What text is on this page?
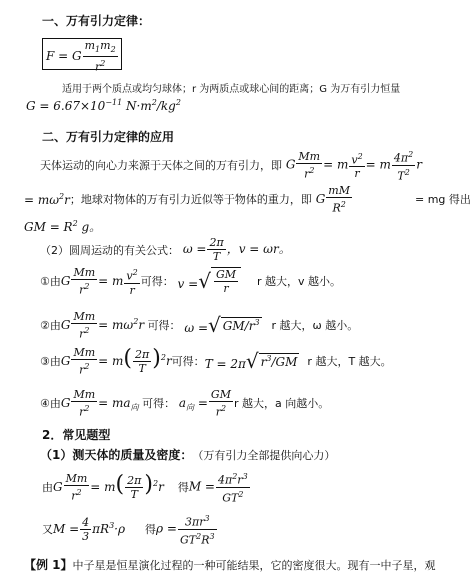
一、万有引力定律：
F = G $\frac{m_1m_2}{r^2}$
适用于两个质点或均匀球体；r 为两质点或球心间的距离；G 为万有引力恒量
$G = 6.67\times 10^{-11}$ $N\cdot m^2/kg^2$
二、万有引力定律的应用
天体运动的向心力来源于天体之间的万有引力，即 G $\frac{Mm}{r^2} = m \frac{v^2}{r} = m \frac{4\pi^2}{T^2}$ r
= $m\omega^2r$ ；地球对物体的万有引力近似等于物体的重力，即 G $\frac{mM}{R^2}$	= mg 得出
GM = $R^2$ g。
（2）圆周运动的有关公式： $\omega = \frac{2\pi}{T}$ ，v = ωr。
①由 G $\frac{Mm}{r^2} = m \frac{v^2}{r}$ 可得： v = √ $\frac{GM}{r}$ r 越大，v 越小。
②由 G $\frac{Mm}{r^2} = m\omega^2r$
可得： ω = √ $GM/r^3$ r 越大，ω 越小。
③由 G $\frac{Mm}{r^2} = m( \frac{2\pi}{T} )^2r$ 可得： T = 2π √ $r^3/GM$ r 越大，T 越大。
④由 G $\frac{Mm}{r^2} = ma_向$
可得： $a_向 = \frac{GM}{r^2}$ r 越大，a 向越小。
2．常见题型
（1）测天体的质量及密度： （万有引力全部提供向心力）
由 G $\frac{Mm}{r^2} = m( \frac{2\pi}{T} )^2r$ 得 $M = \frac{4\pi^2r^3}{GT^2}$
又 $M = \frac{4}{3} \pi R^3\cdot\rho$ 得 $\rho = \frac{3\pi r^3}{GT^2R^3}$
【例 1】 中子星是恒星演化过程的一种可能结果，它的密度很大。现有一中子星，观
